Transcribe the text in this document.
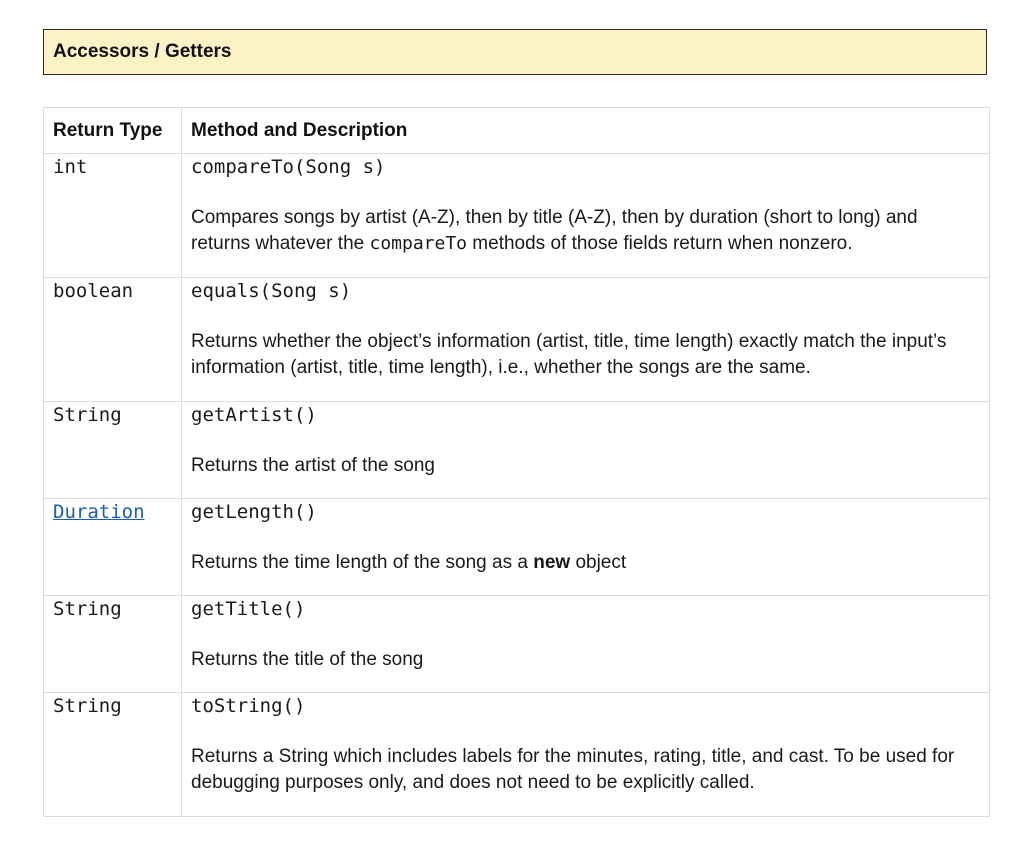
Accessors / Getters
Return Type	Method and Description

int	compareTo(Song s)
Compares songs by artist (A-Z), then by title (A-Z), then by duration (short to long) and returns whatever the compareTo methods of those fields return when nonzero.

boolean	equals(Song s)
Returns whether the object’s information (artist, title, time length) exactly match the input’s information (artist, title, time length), i.e., whether the songs are the same.

String	getArtist()
Returns the artist of the song

Duration	getLength()
Returns the time length of the song as a new object

String	getTitle()
Returns the title of the song

String	toString()
Returns a String which includes labels for the minutes, rating, title, and cast. To be used for debugging purposes only, and does not need to be explicitly called.
